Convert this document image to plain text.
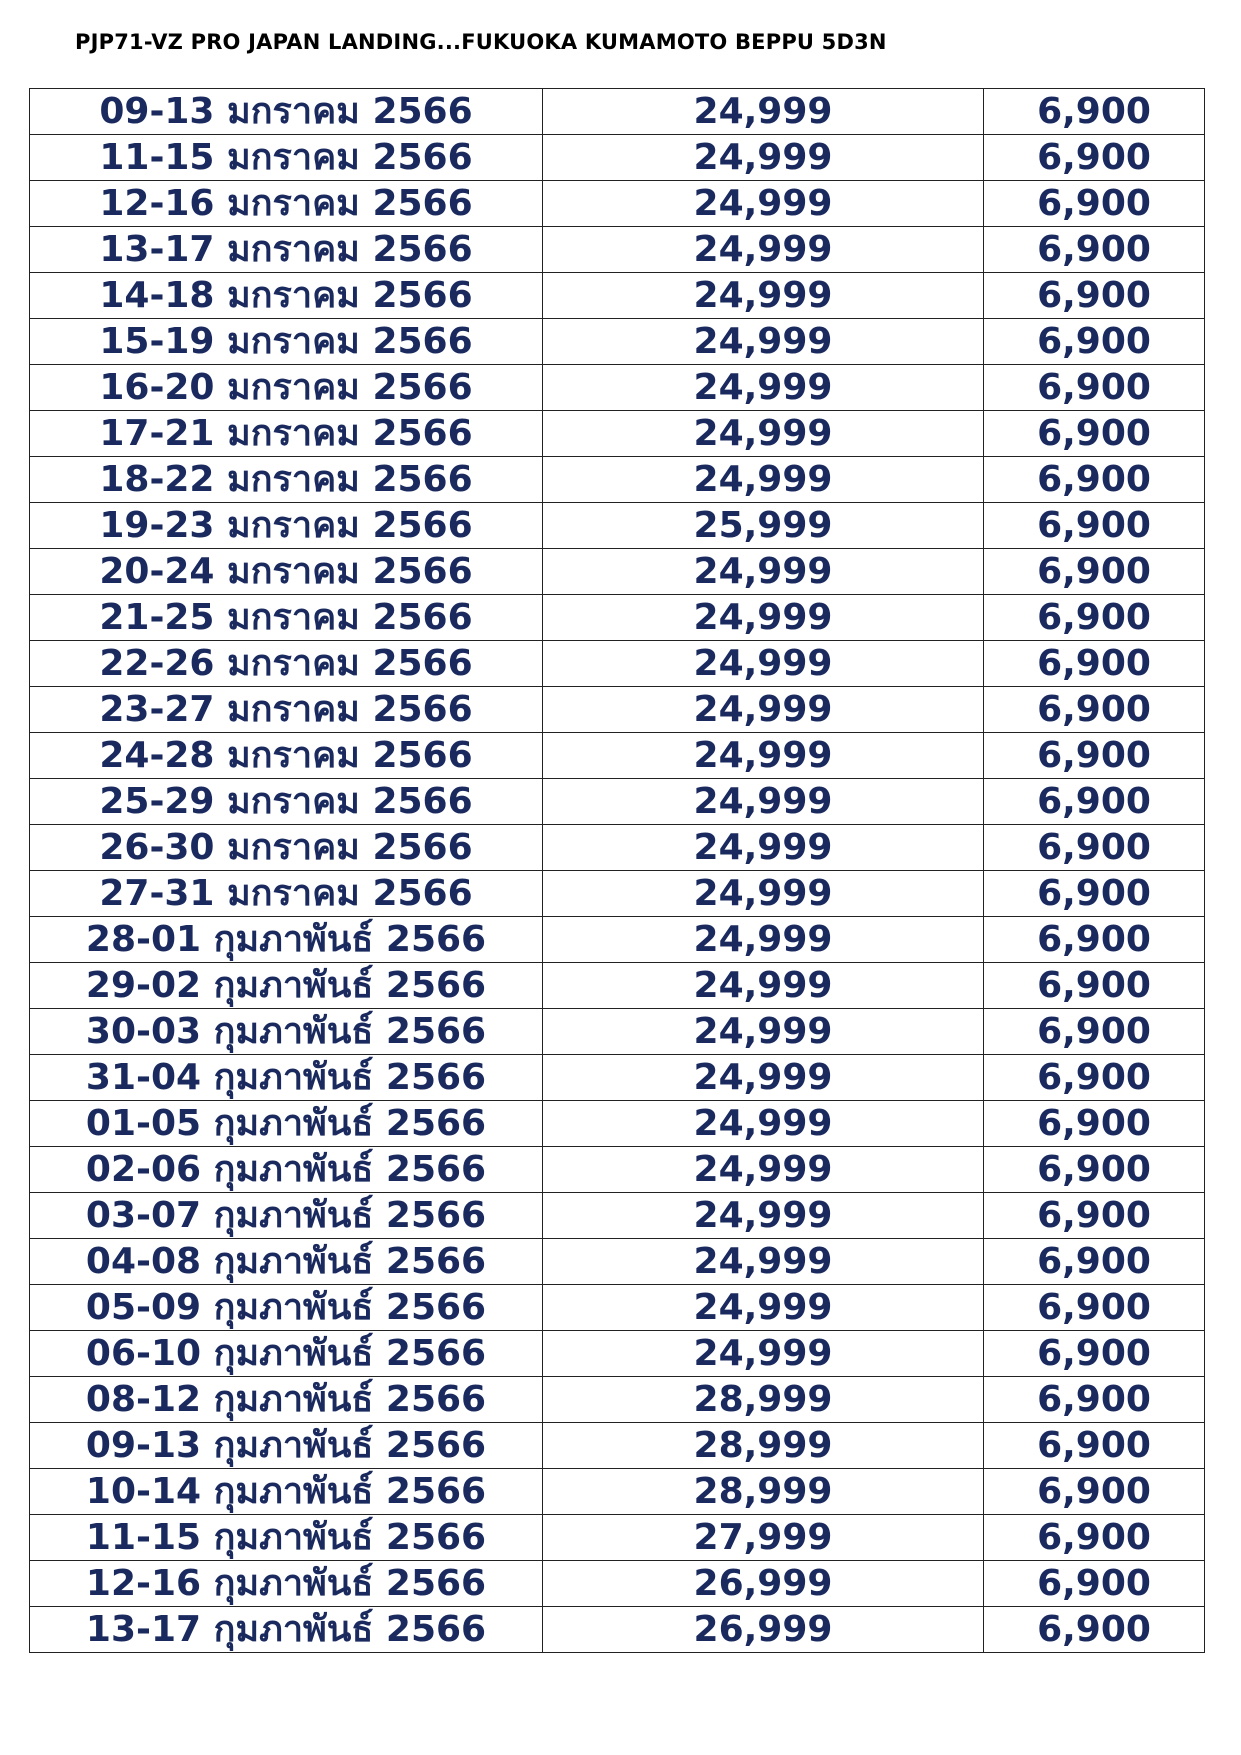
PJP71-VZ PRO JAPAN LANDING...FUKUOKA KUMAMOTO BEPPU 5D3N
09-13 มกราคม 2566	24,999	6,900
11-15 มกราคม 2566	24,999	6,900
12-16 มกราคม 2566	24,999	6,900
13-17 มกราคม 2566	24,999	6,900
14-18 มกราคม 2566	24,999	6,900
15-19 มกราคม 2566	24,999	6,900
16-20 มกราคม 2566	24,999	6,900
17-21 มกราคม 2566	24,999	6,900
18-22 มกราคม 2566	24,999	6,900
19-23 มกราคม 2566	25,999	6,900
20-24 มกราคม 2566	24,999	6,900
21-25 มกราคม 2566	24,999	6,900
22-26 มกราคม 2566	24,999	6,900
23-27 มกราคม 2566	24,999	6,900
24-28 มกราคม 2566	24,999	6,900
25-29 มกราคม 2566	24,999	6,900
26-30 มกราคม 2566	24,999	6,900
27-31 มกราคม 2566	24,999	6,900
28-01 กุมภาพันธ์ 2566	24,999	6,900
29-02 กุมภาพันธ์ 2566	24,999	6,900
30-03 กุมภาพันธ์ 2566	24,999	6,900
31-04 กุมภาพันธ์ 2566	24,999	6,900
01-05 กุมภาพันธ์ 2566	24,999	6,900
02-06 กุมภาพันธ์ 2566	24,999	6,900
03-07 กุมภาพันธ์ 2566	24,999	6,900
04-08 กุมภาพันธ์ 2566	24,999	6,900
05-09 กุมภาพันธ์ 2566	24,999	6,900
06-10 กุมภาพันธ์ 2566	24,999	6,900
08-12 กุมภาพันธ์ 2566	28,999	6,900
09-13 กุมภาพันธ์ 2566	28,999	6,900
10-14 กุมภาพันธ์ 2566	28,999	6,900
11-15 กุมภาพันธ์ 2566	27,999	6,900
12-16 กุมภาพันธ์ 2566	26,999	6,900
13-17 กุมภาพันธ์ 2566	26,999	6,900
